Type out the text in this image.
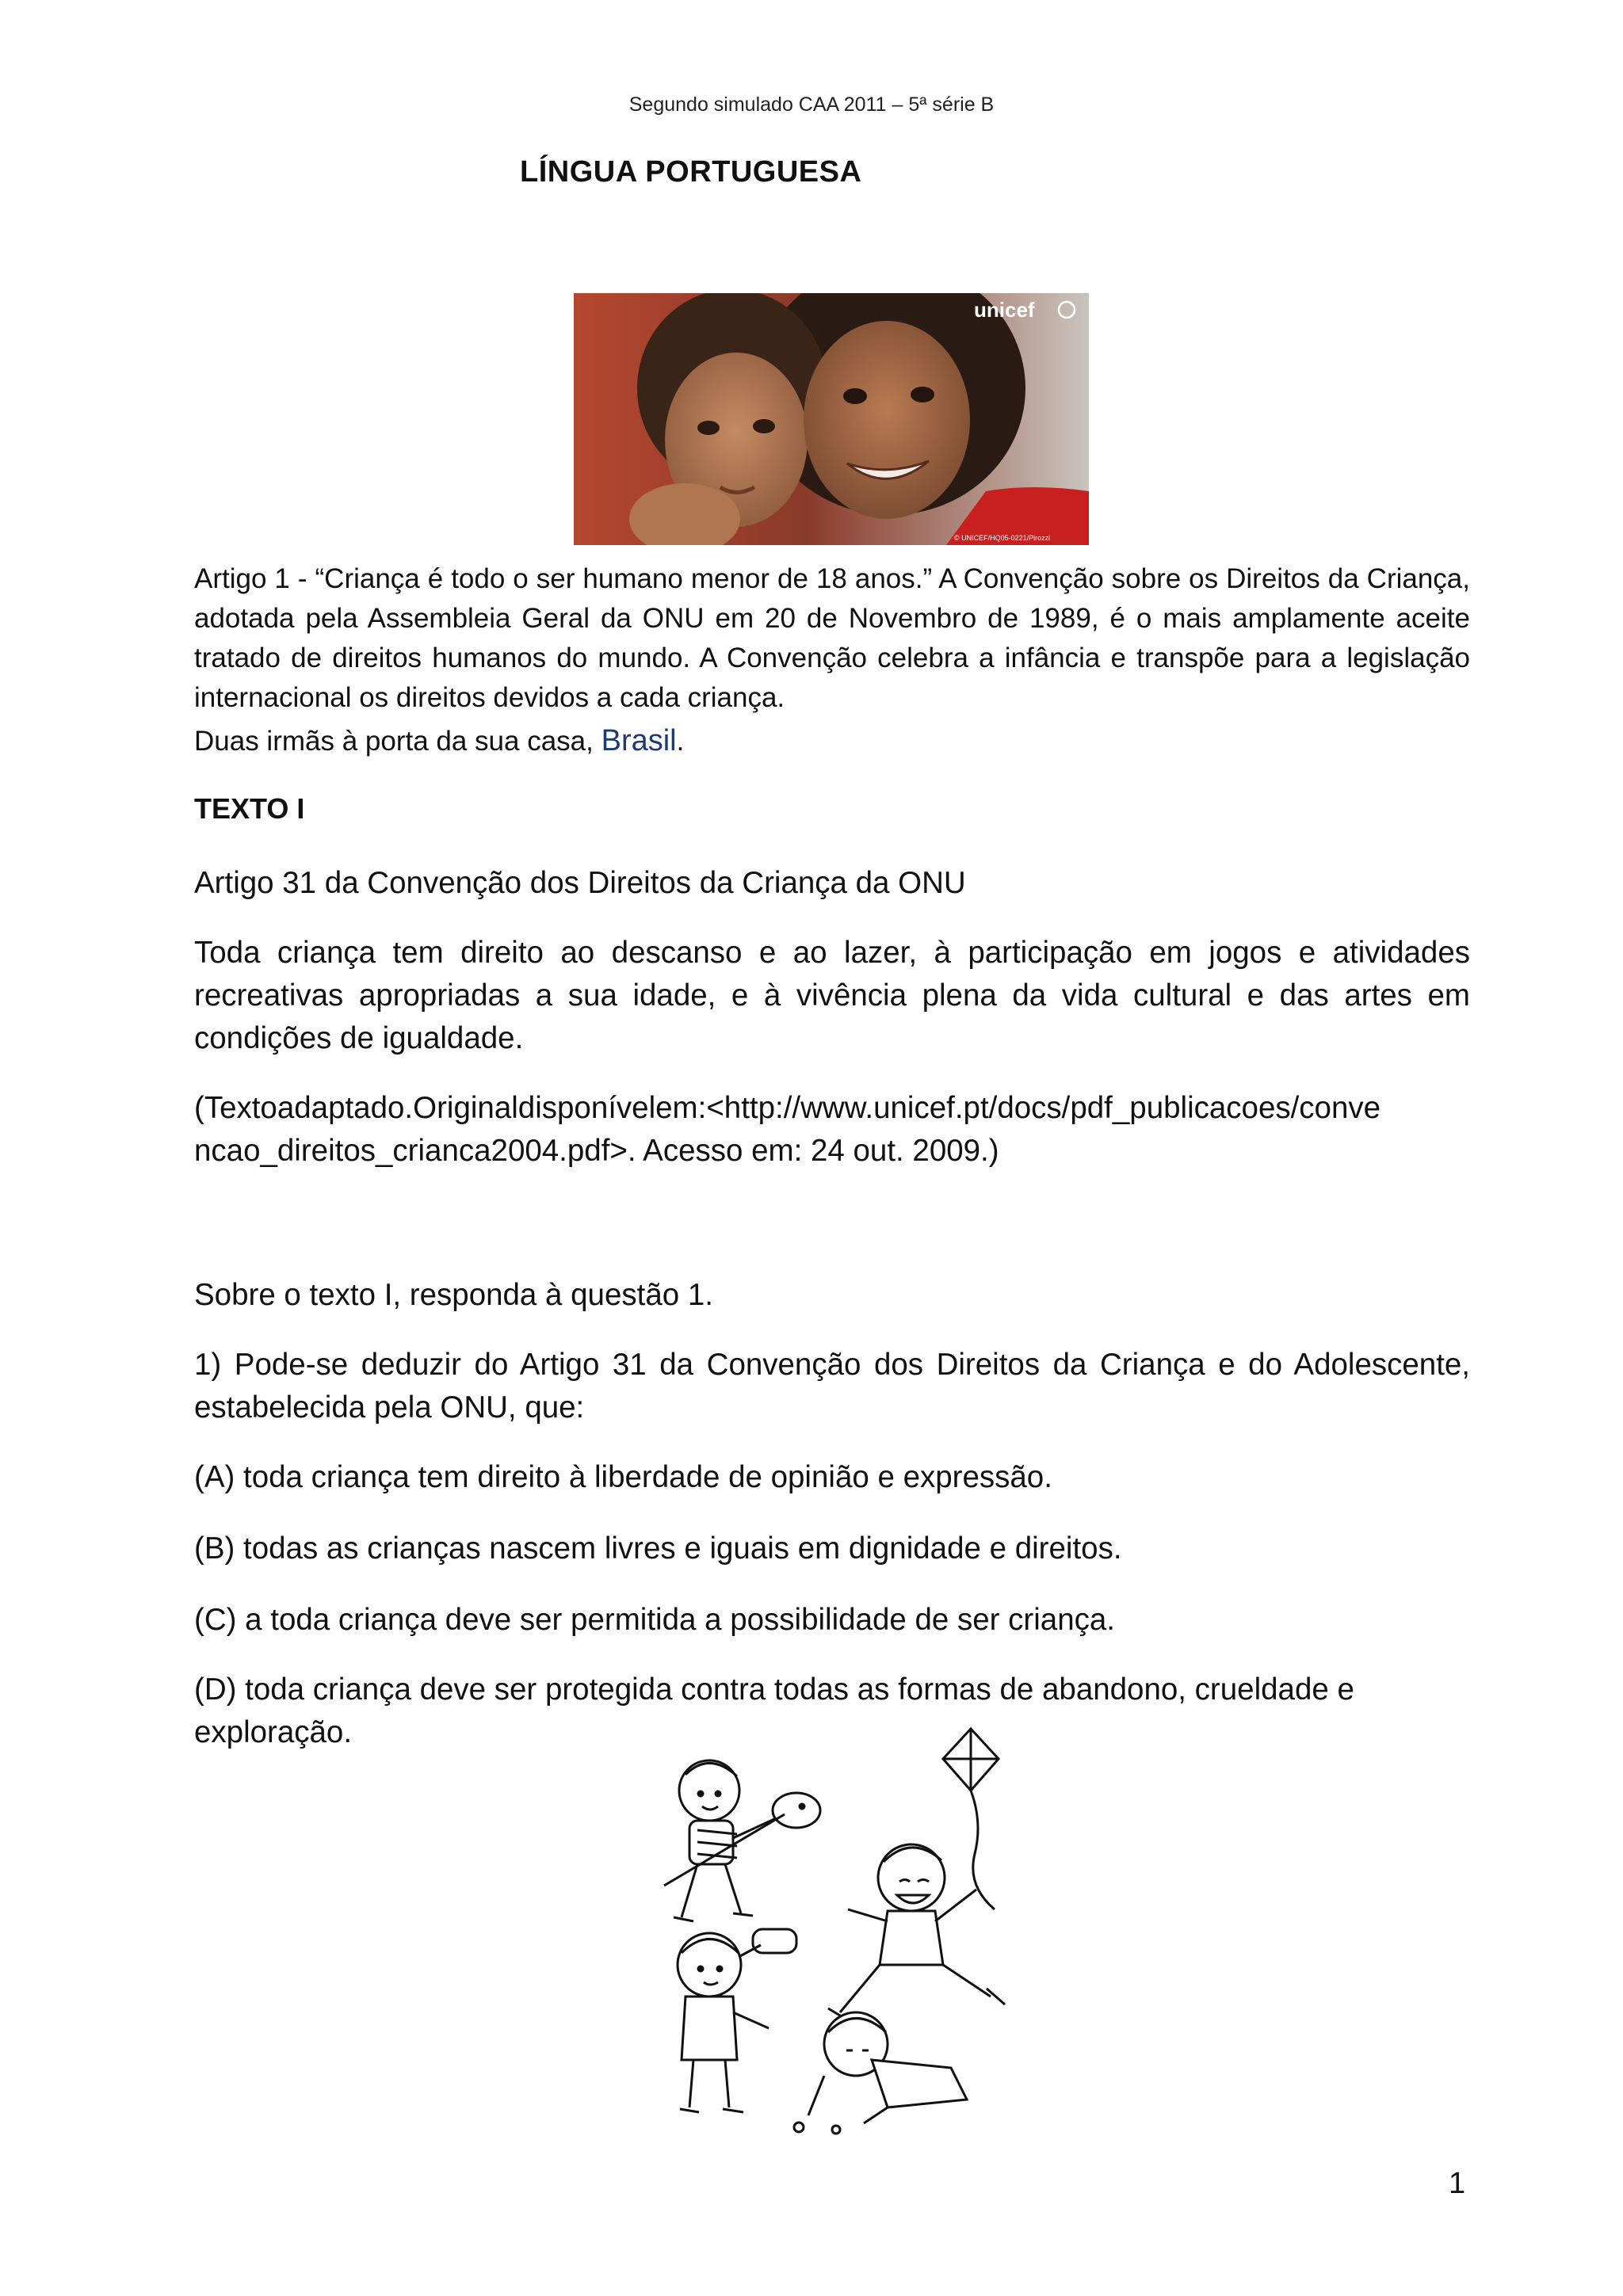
Segundo simulado CAA 2011 – 5ª série B
LÍNGUA PORTUGUESA
unicef
© UNICEF/HQ05-0221/Pirozzi
Artigo 1 - “Criança é todo o ser humano menor de 18 anos.” A Convenção sobre os Direitos da Criança, adotada pela Assembleia Geral da ONU em 20 de Novembro de 1989, é o mais amplamente aceite tratado de direitos humanos do mundo. A Convenção celebra a infância e transpõe para a legislação internacional os direitos devidos a cada criança.
Duas irmãs à porta da sua casa, Brasil.
TEXTO I
Artigo 31 da Convenção dos Direitos da Criança da ONU
Toda criança tem direito ao descanso e ao lazer, à participação em jogos e atividades recreativas apropriadas a sua idade, e à vivência plena da vida cultural e das artes em condições de igualdade.
(Textoadaptado.Originaldisponívelem:<http://www.unicef.pt/docs/pdf_publicacoes/conve
ncao_direitos_crianca2004.pdf>. Acesso em: 24 out. 2009.)
Sobre o texto I, responda à questão 1.
1) Pode-se deduzir do Artigo 31 da Convenção dos Direitos da Criança e do Adolescente, estabelecida pela ONU, que:
(A) toda criança tem direito à liberdade de opinião e expressão.
(B) todas as crianças nascem livres e iguais em dignidade e direitos.
(C) a toda criança deve ser permitida a possibilidade de ser criança.
(D) toda criança deve ser protegida contra todas as formas de abandono, crueldade e exploração.
1
